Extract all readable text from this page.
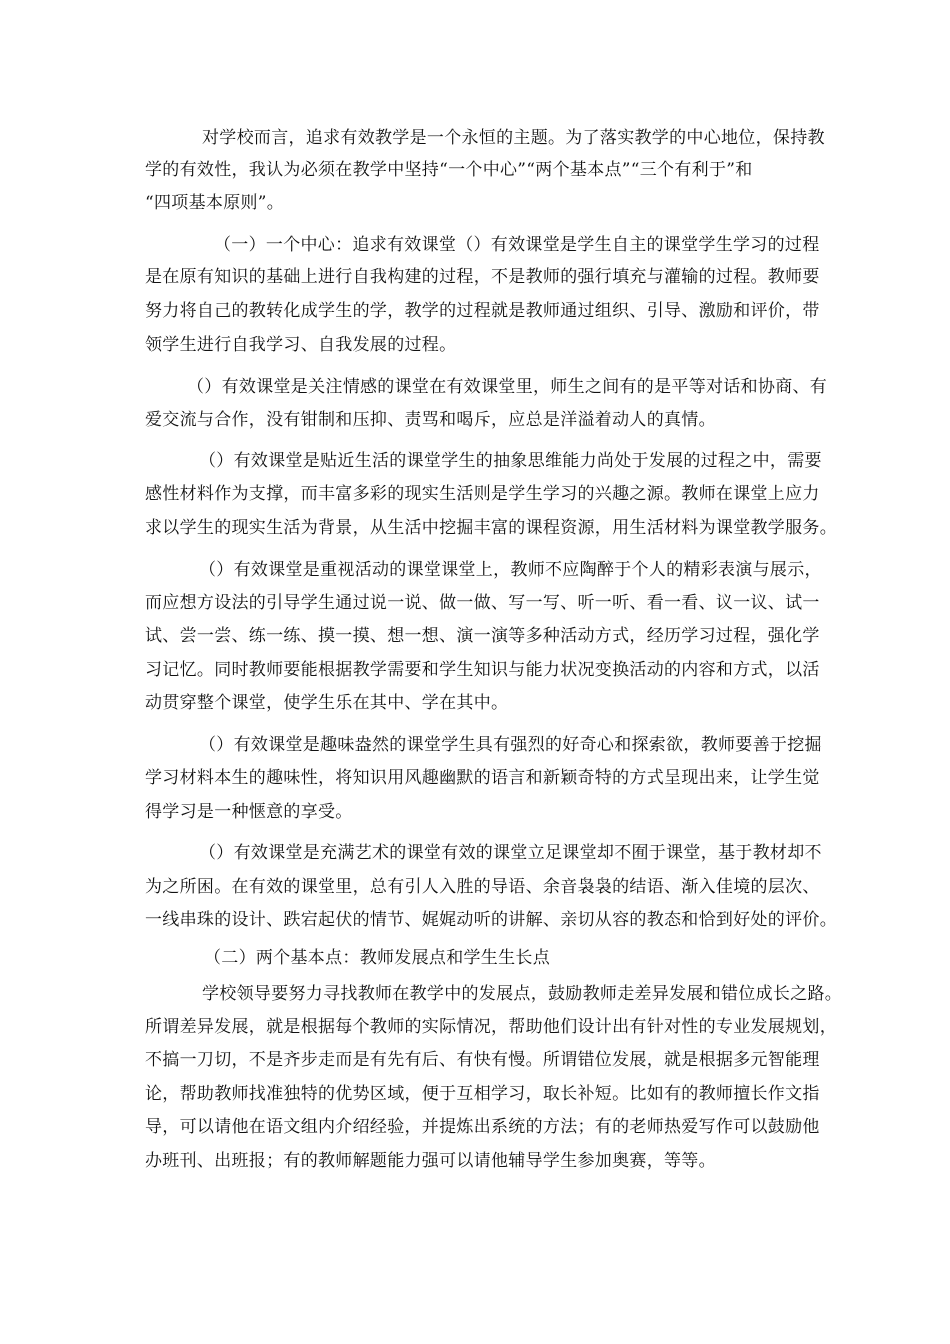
对学校而言，追求有效教学是一个永恒的主题。为了落实教学的中心地位，保持教

学的有效性，我认为必须在教学中坚持“一个中心”“两个基本点”“三个有利于”和

“四项基本原则”。

（一）一个中心：追求有效课堂（）有效课堂是学生自主的课堂学生学习的过程

是在原有知识的基础上进行自我构建的过程，不是教师的强行填充与灌输的过程。教师要

努力将自己的教转化成学生的学，教学的过程就是教师通过组织、引导、激励和评价，带

领学生进行自我学习、自我发展的过程。

（）有效课堂是关注情感的课堂在有效课堂里，师生之间有的是平等对话和协商、有

爱交流与合作，没有钳制和压抑、责骂和喝斥，应总是洋溢着动人的真情。

（）有效课堂是贴近生活的课堂学生的抽象思维能力尚处于发展的过程之中，需要

感性材料作为支撑，而丰富多彩的现实生活则是学生学习的兴趣之源。教师在课堂上应力

求以学生的现实生活为背景，从生活中挖掘丰富的课程资源，用生活材料为课堂教学服务。

（）有效课堂是重视活动的课堂课堂上，教师不应陶醉于个人的精彩表演与展示，

而应想方设法的引导学生通过说一说、做一做、写一写、听一听、看一看、议一议、试一

试、尝一尝、练一练、摸一摸、想一想、演一演等多种活动方式，经历学习过程，强化学

习记忆。同时教师要能根据教学需要和学生知识与能力状况变换活动的内容和方式，以活

动贯穿整个课堂，使学生乐在其中、学在其中。

（）有效课堂是趣味盎然的课堂学生具有强烈的好奇心和探索欲，教师要善于挖掘

学习材料本生的趣味性，将知识用风趣幽默的语言和新颖奇特的方式呈现出来，让学生觉

得学习是一种惬意的享受。

（）有效课堂是充满艺术的课堂有效的课堂立足课堂却不囿于课堂，基于教材却不

为之所困。在有效的课堂里，总有引人入胜的导语、余音袅袅的结语、渐入佳境的层次、

一线串珠的设计、跌宕起伏的情节、娓娓动听的讲解、亲切从容的教态和恰到好处的评价。

（二）两个基本点：教师发展点和学生生长点

学校领导要努力寻找教师在教学中的发展点，鼓励教师走差异发展和错位成长之路。

所谓差异发展，就是根据每个教师的实际情况，帮助他们设计出有针对性的专业发展规划，

不搞一刀切，不是齐步走而是有先有后、有快有慢。所谓错位发展，就是根据多元智能理

论，帮助教师找准独特的优势区域，便于互相学习，取长补短。比如有的教师擅长作文指

导，可以请他在语文组内介绍经验，并提炼出系统的方法；有的老师热爱写作可以鼓励他

办班刊、出班报；有的教师解题能力强可以请他辅导学生参加奥赛，等等。
